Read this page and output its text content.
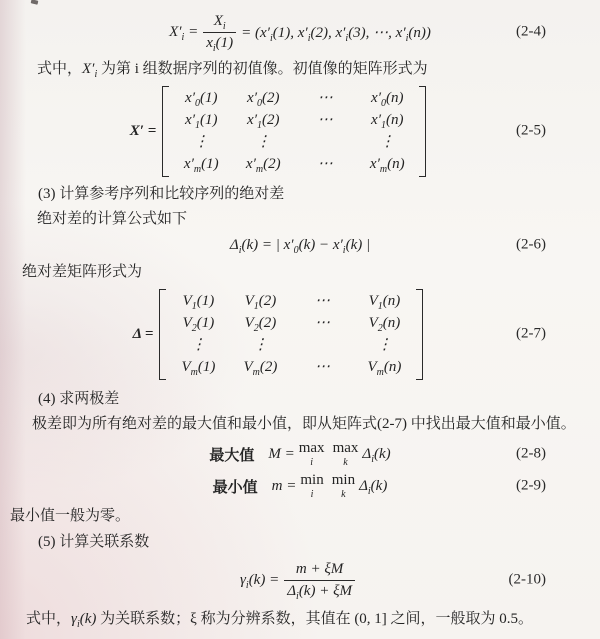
$X'_i = \frac{X_i}{x_i(1)} = (x'_i(1)$, $x'_i(2)$, $x'_i(3)$, ⋯, $x'_i(n)$)	(2-4)

式中，$X'_i$ 为第 i 组数据序列的初值像。初值像的矩阵形式为

X′ =
$x'_0(1)$	$x'_0(2)$	⋯	$x'_0(n)$
$x'_1(1)$	$x'_1(2)$	⋯	$x'_1(n)$
⋮	⋮	⋮
$x'_m(1)$	$x'_m(2)$	⋯	$x'_m(n)$
(2-5)

(3) 计算参考序列和比较序列的绝对差

绝对差的计算公式如下

$\Delta_i(k)$ = | $x'_0(k) - x'_i(k)$ |	(2-6)

绝对差矩阵形式为

Δ =
$V_1(1)$	$V_1(2)$	⋯	$V_1(n)$
$V_2(1)$	$V_2(2)$	⋯	$V_2(n)$
⋮	⋮	⋮
$V_m(1)$	$V_m(2)$	⋯	$V_m(n)$
(2-7)

(4) 求两极差

极差即为所有绝对差的最大值和最小值，即从矩阵式(2-7) 中找出最大值和最小值。

最大值 M = max
i
max
k
$\Delta_i(k)$	(2-8)
最小值 m = min
i
min
k
$\Delta_i(k)$	(2-9)

最小值一般为零。

(5) 计算关联系数

$\gamma_i(k) = \frac{m + \xi M}{\Delta_i(k) + \xi M}$	(2-10)

式中，$\gamma_i(k)$ 为关联系数；ξ 称为分辨系数，其值在 (0, 1] 之间，一般取为 0.5。
